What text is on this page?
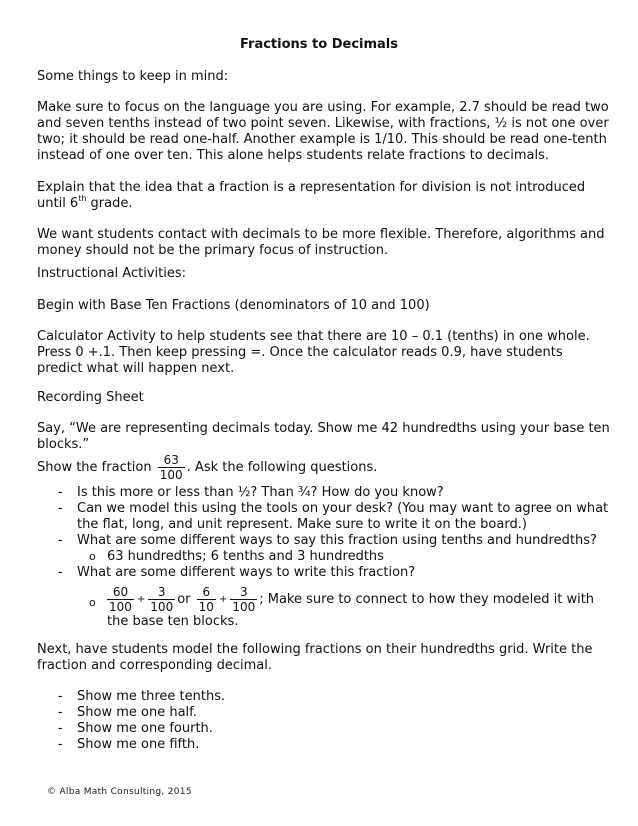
Fractions to Decimals

Some things to keep in mind:

Make sure to focus on the language you are using. For example, 2.7 should be read two and seven tenths instead of two point seven. Likewise, with fractions, ½ is not one over two; it should be read one-half. Another example is 1/10. This should be read one-tenth instead of one over ten. This alone helps students relate fractions to decimals.

Explain that the idea that a fraction is a representation for division is not introduced until 6th grade.

We want students contact with decimals to be more flexible. Therefore, algorithms and money should not be the primary focus of instruction.

Instructional Activities:

Begin with Base Ten Fractions (denominators of 10 and 100)

Calculator Activity to help students see that there are 10 – 0.1 (tenths) in one whole. Press 0 +.1. Then keep pressing =. Once the calculator reads 0.9, have students predict what will happen next.

Recording Sheet

Say, “We are representing decimals today. Show me 42 hundredths using your base ten blocks.”

Show the fraction $\frac{63}{100}$ . Ask the following questions.
- Is this more or less than ½? Than ¾? How do you know?
- Can we model this using the tools on your desk? (You may want to agree on what the flat, long, and unit represent. Make sure to write it on the board.)
- What are some different ways to say this fraction using tenths and hundredths?
o 63 hundredths; 6 tenths and 3 hundredths
- What are some different ways to write this fraction?
o $\frac{60}{100} + \frac{3}{100}$ or $\frac{6}{10} + \frac{3}{100}$ ; Make sure to connect to how they modeled it with the base ten blocks.

Next, have students model the following fractions on their hundredths grid. Write the fraction and corresponding decimal.

- Show me three tenths.
- Show me one half.
- Show me one fourth.
- Show me one fifth.
© Alba Math Consulting, 2015
